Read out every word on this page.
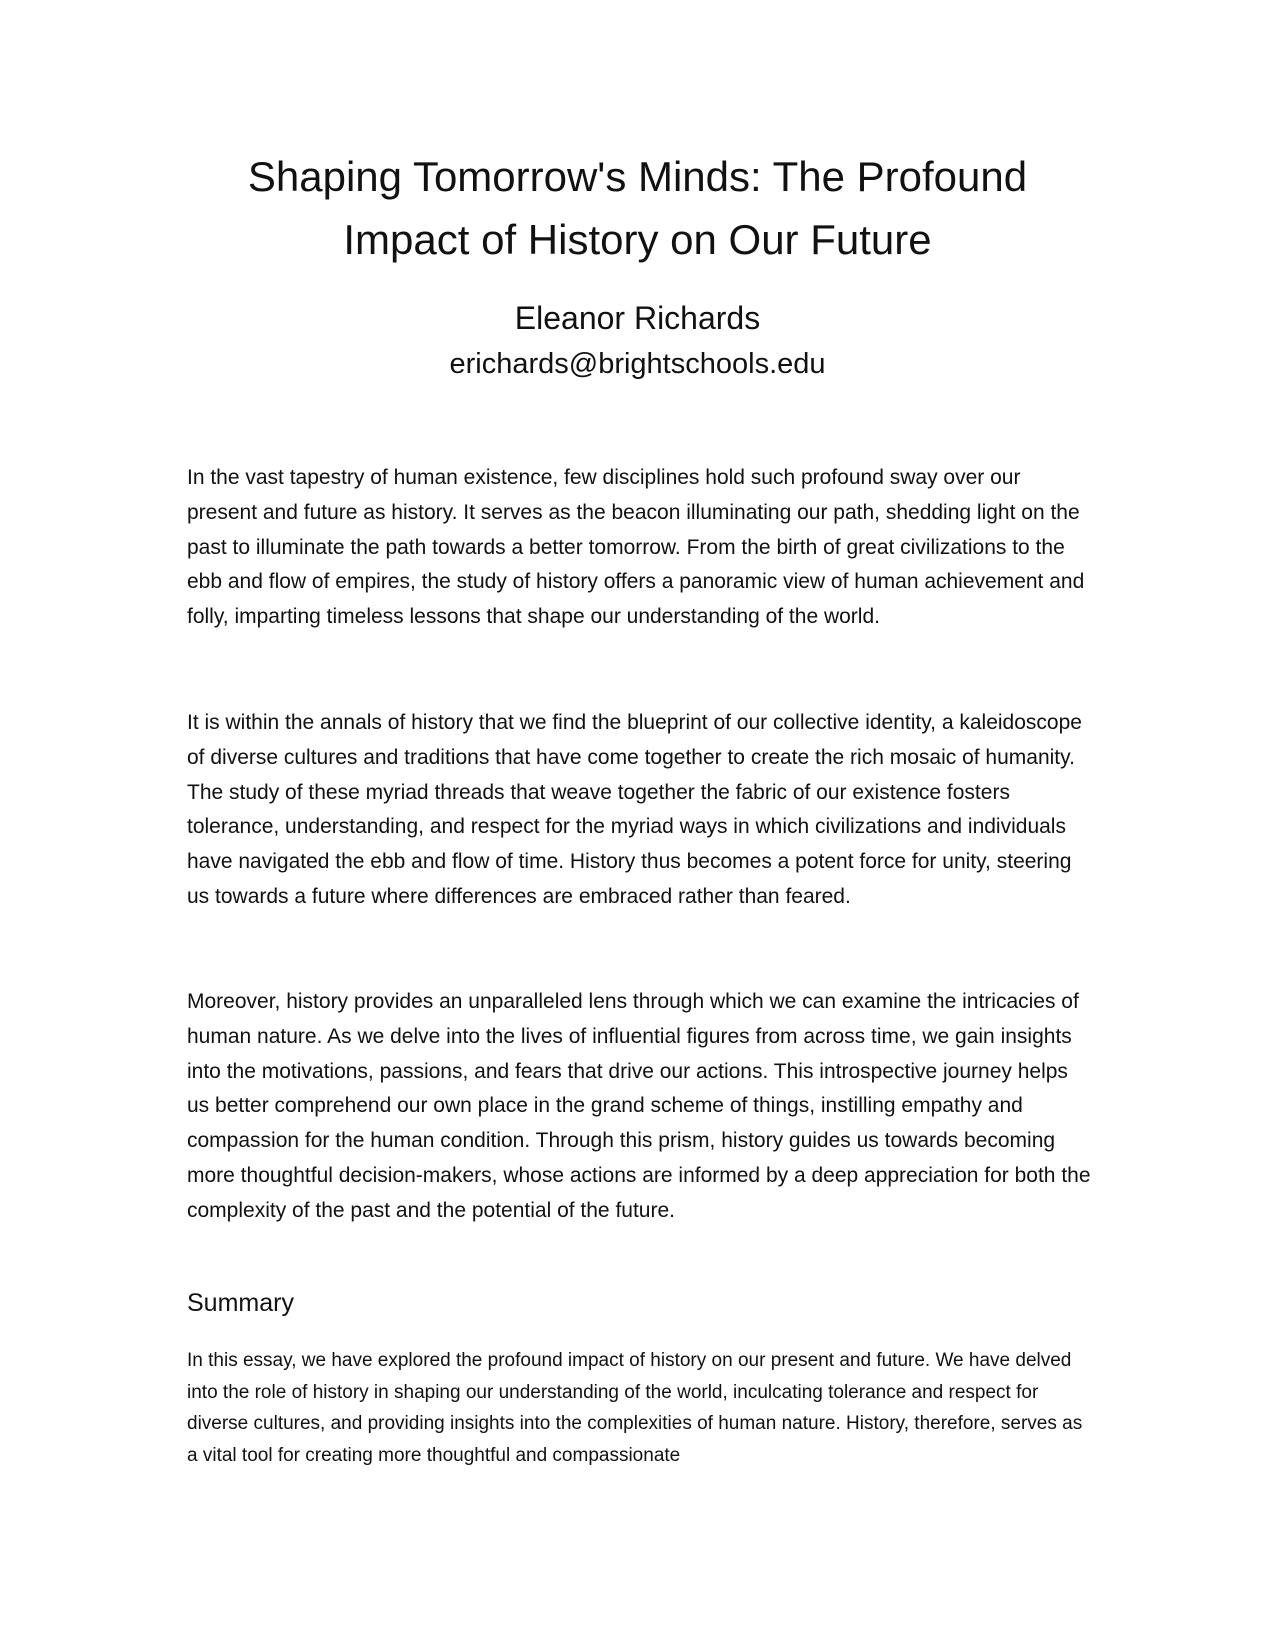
Shaping Tomorrow's Minds: The Profound Impact of History on Our Future
Eleanor Richards
erichards@brightschools.edu

In the vast tapestry of human existence, few disciplines hold such profound sway over our present and future as history. It serves as the beacon illuminating our path, shedding light on the past to illuminate the path towards a better tomorrow. From the birth of great civilizations to the ebb and flow of empires, the study of history offers a panoramic view of human achievement and folly, imparting timeless lessons that shape our understanding of the world.

It is within the annals of history that we find the blueprint of our collective identity, a kaleidoscope of diverse cultures and traditions that have come together to create the rich mosaic of humanity. The study of these myriad threads that weave together the fabric of our existence fosters tolerance, understanding, and respect for the myriad ways in which civilizations and individuals have navigated the ebb and flow of time. History thus becomes a potent force for unity, steering us towards a future where differences are embraced rather than feared.

Moreover, history provides an unparalleled lens through which we can examine the intricacies of human nature. As we delve into the lives of influential figures from across time, we gain insights into the motivations, passions, and fears that drive our actions. This introspective journey helps us better comprehend our own place in the grand scheme of things, instilling empathy and compassion for the human condition. Through this prism, history guides us towards becoming more thoughtful decision-makers, whose actions are informed by a deep appreciation for both the complexity of the past and the potential of the future.

Summary

In this essay, we have explored the profound impact of history on our present and future. We have delved into the role of history in shaping our understanding of the world, inculcating tolerance and respect for diverse cultures, and providing insights into the complexities of human nature. History, therefore, serves as a vital tool for creating more thoughtful and compassionate
